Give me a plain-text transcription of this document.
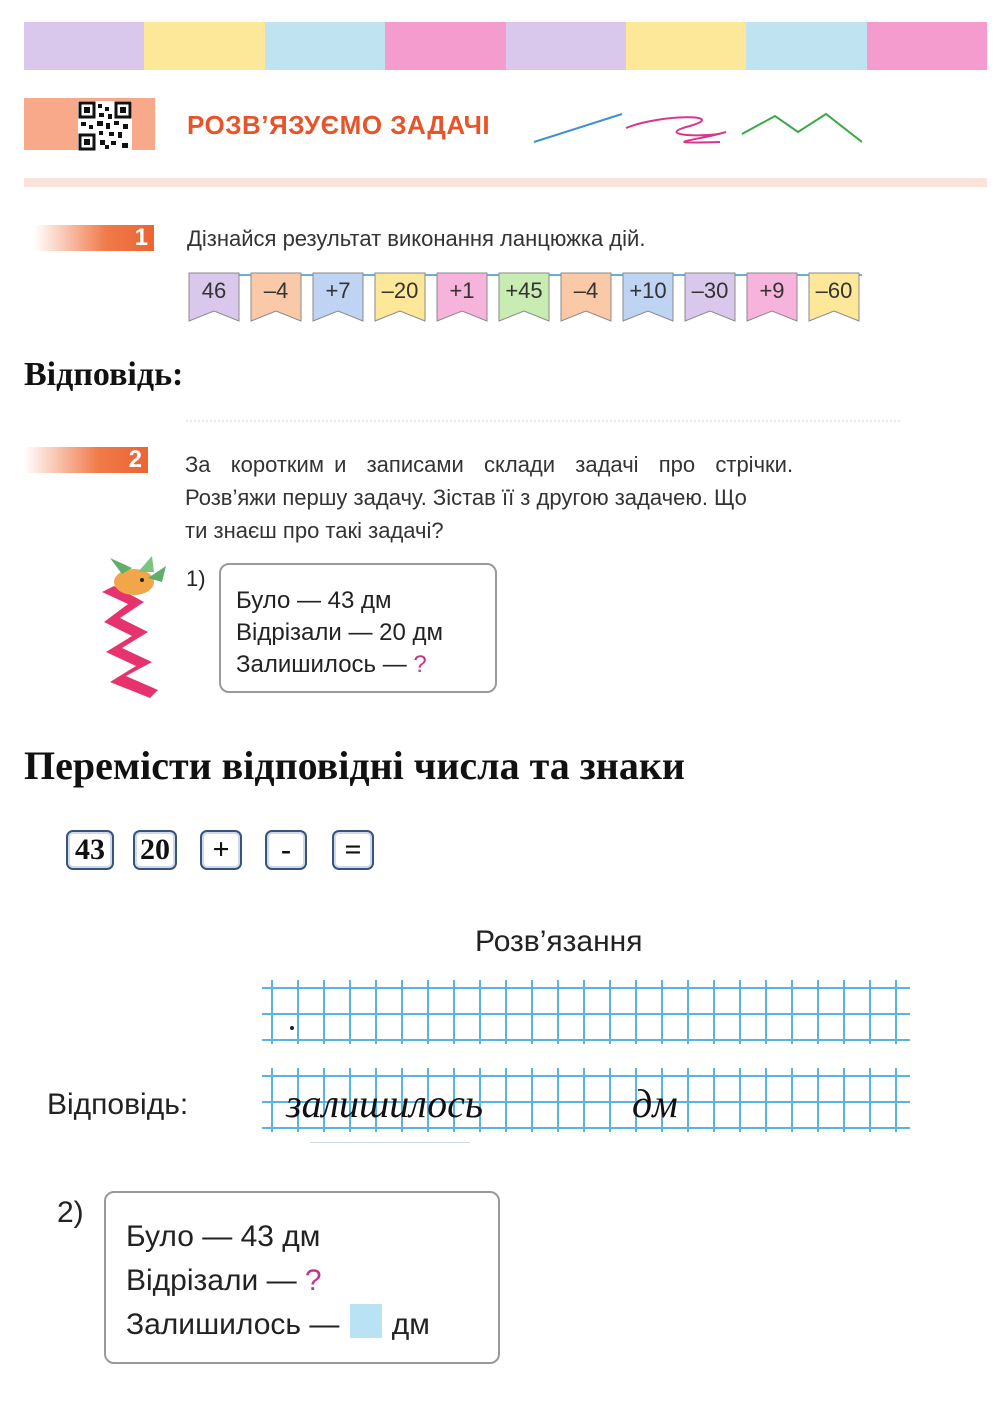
РОЗВ’ЯЗУЄМО ЗАДАЧІ
1 Дізнайся результат виконання ланцюжка дій.
46	–4	+7	–20	+1	+45	–4	+10	–30	+9	–60
Відповідь:
2 За  коротким и  записами  склади  задачі  про  стрічки.
Розв’яжи першу задачу. Зістав її з другою задачею. Що
ти знаєш про такі задачі?
1)
Було — 43 дм
Відрізали — 20 дм
Залишилось — ?
Перемісти відповідні числа та знаки
43	20	+	-	=
Розв’язання
Відповідь: залишилось	дм
2)
Було — 43 дм
Відрізали — ?
Залишилось — дм
